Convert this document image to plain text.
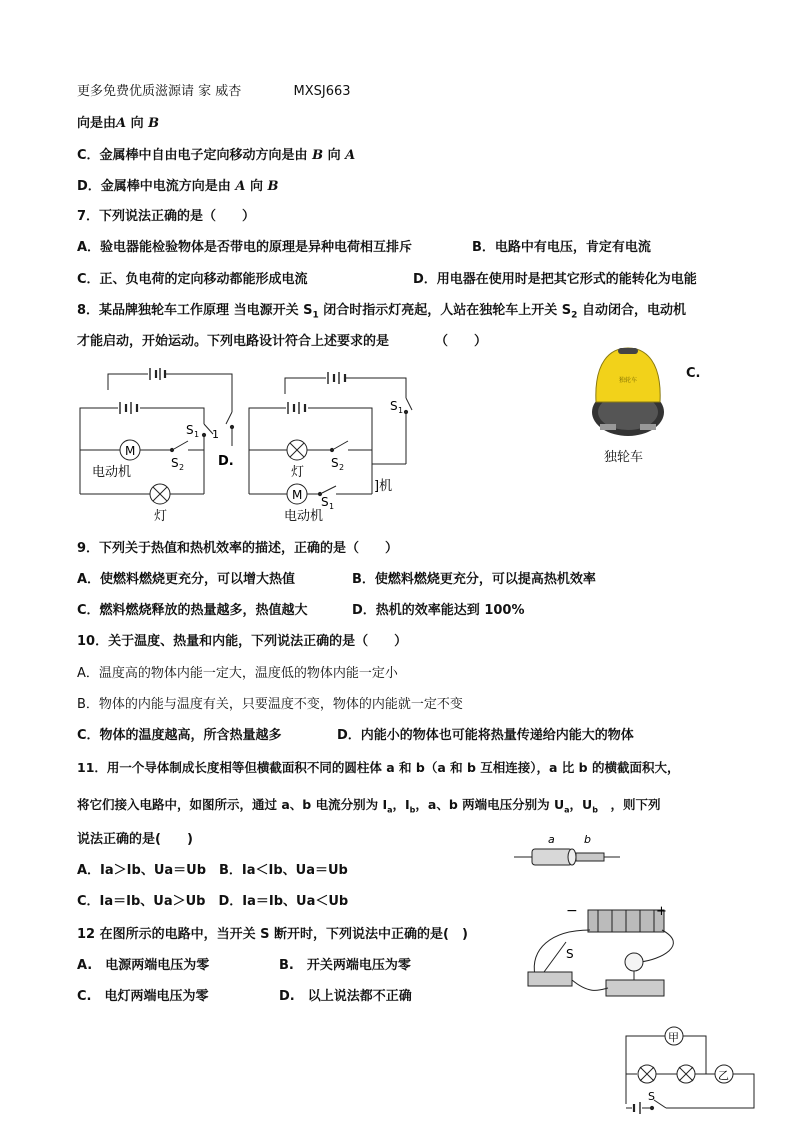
更多免费优质滋源请 家 威杏	MXSJ663
向是由A 向 B
C．金属棒中自由电子定向移动方向是由 B 向 A
D．金属棒中电流方向是由 A 向 B
7．下列说法正确的是（　　）
A．验电器能检验物体是否带电的原理是异种电荷相互排斥	B．电路中有电压，肯定有电流
C．正、负电荷的定向移动都能形成电流	D．用电器在使用时是把其它形式的能转化为电能
8．某品牌独轮车工作原理 当电源开关 $S_1$ 闭合时指示灯亮起，人站在独轮车上开关 $S_2$ 自动闭合，电动机
才能启动，开始运动。下列电路设计符合上述要求的是	（　　）
M
电动机
灯
S 1
S 2
1
D.
M
灯
电动机
S 2
S 1
S 1
]机
a	b
−	+
S
甲
乙
S
独轮车	C.
独轮车
9．下列关于热值和热机效率的描述，正确的是（　　）
A．使燃料燃烧更充分，可以增大热值	B．使燃料燃烧更充分，可以提高热机效率
C．燃料燃烧释放的热量越多，热值越大	D．热机的效率能达到 100%
10．关于温度、热量和内能，下列说法正确的是（　　）
A．温度高的物体内能一定大，温度低的物体内能一定小
B．物体的内能与温度有关，只要温度不变，物体的内能就一定不变
C．物体的温度越高，所含热量越多	D．内能小的物体也可能将热量传递给内能大的物体
11．用一个导体制成长度相等但横截面积不同的圆柱体 a 和 b（a 和 b 互相连接），a 比 b 的横截面积大，
将它们接入电路中，如图所示，通过 a、b 电流分别为 $I_a$，$I_b$，a、b 两端电压分别为 $U_a$，$U_b$　，则下列
说法正确的是(　　)
A．Ia＞Ib、Ua＝Ub　B．Ia＜Ib、Ua＝Ub
C．Ia＝Ib、Ua＞Ub　D．Ia＝Ib、Ua＜Ub
12 在图所示的电路中，当开关 S 断开时，下列说法中正确的是(　)
A.　电源两端电压为零	B.　开关两端电压为零
C.　电灯两端电压为零	D.　以上说法都不正确
